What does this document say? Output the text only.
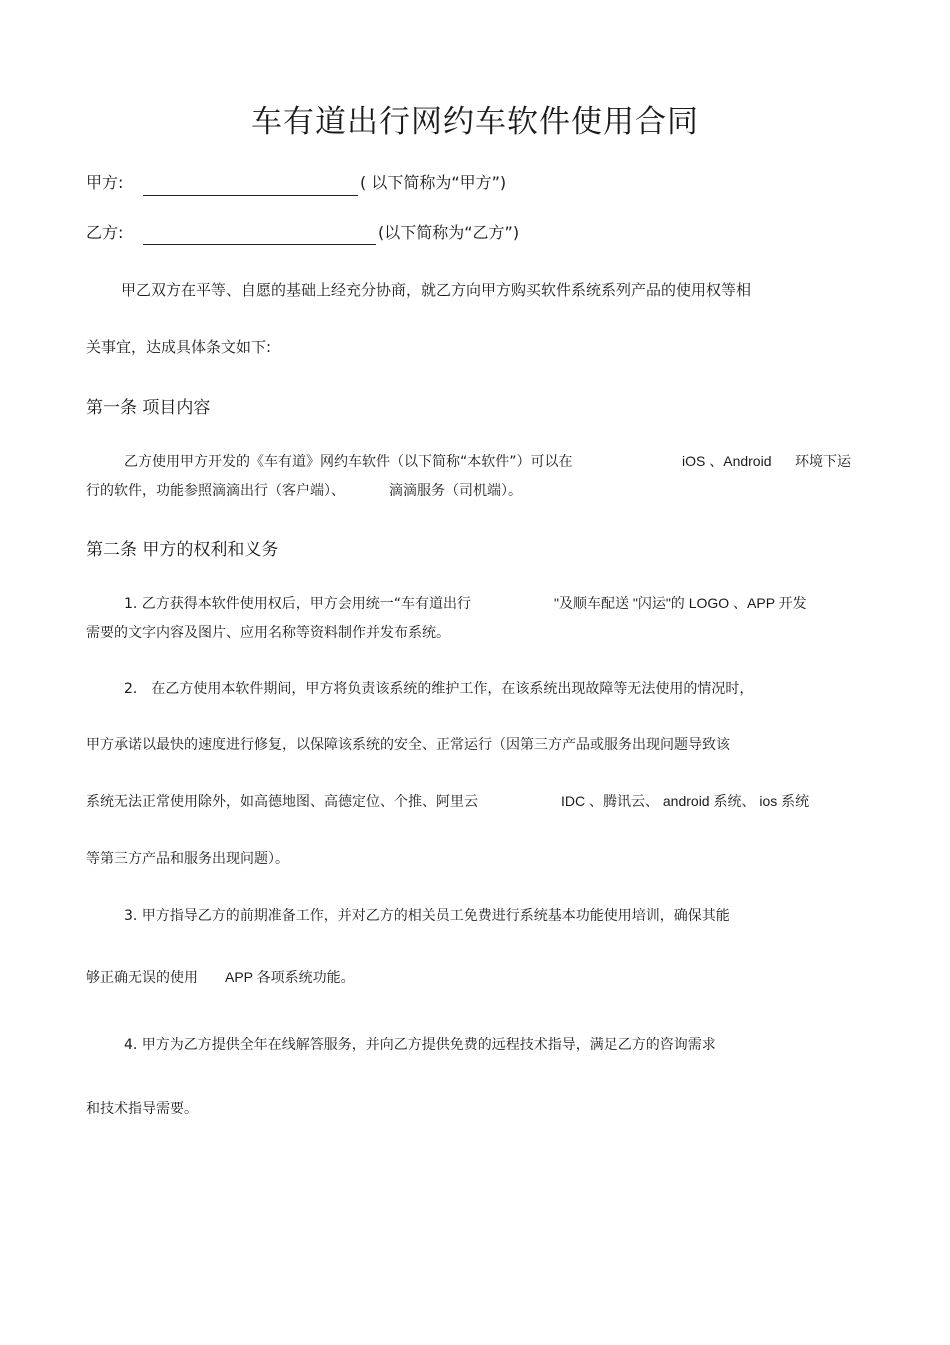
车有道出行网约车软件使用合同
甲方:	( 以下简称为“甲方”)
乙方:	(以下简称为“乙方”)
甲乙双方在平等、自愿的基础上经充分协商，就乙方向甲方购买软件系统系列产品的使用权等相
关事宜，达成具体条文如下:
第一条 项目内容
乙方使用甲方开发的《车有道》网约车软件（以下简称“本软件”）可以在	iOS 、Android 环境下运
行的软件，功能参照滴滴出行（客户端）、	滴滴服务（司机端）。
第二条 甲方的权利和义务
1. 乙方获得本软件使用权后，甲方会用统一“车有道出行	"及顺车配送 "闪运"的 LOGO 、APP 开发
需要的文字内容及图片、应用名称等资料制作并发布系统。
2． 在乙方使用本软件期间，甲方将负责该系统的维护工作，在该系统出现故障等无法使用的情况时，
甲方承诺以最快的速度进行修复，以保障该系统的安全、正常运行（因第三方产品或服务出现问题导致该
系统无法正常使用除外，如高德地图、高德定位、个推、阿里云	IDC 、腾讯云、 android 系统、 ios 系统
等第三方产品和服务出现问题）。
3. 甲方指导乙方的前期准备工作，并对乙方的相关员工免费进行系统基本功能使用培训，确保其能
够正确无误的使用 APP 各项系统功能。
4. 甲方为乙方提供全年在线解答服务，并向乙方提供免费的远程技术指导，满足乙方的咨询需求
和技术指导需要。
